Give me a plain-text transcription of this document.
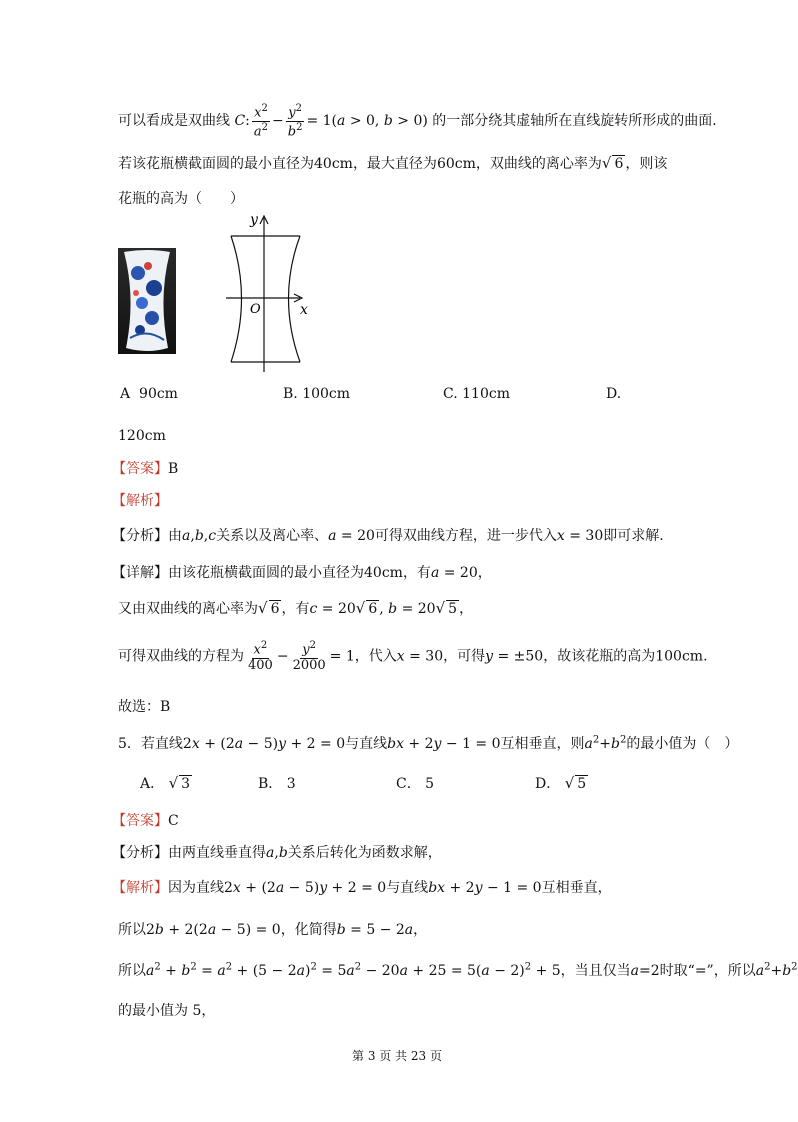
可以看成是双曲线 C: $\frac{x^2}{a^2} - \frac{y^2}{b^2} = 1(a > 0$, b > 0) 的一部分绕其虚轴所在直线旋转所形成的曲面.
若该花瓶横截面圆的最小直径为40cm，最大直径为60cm，双曲线的离心率为√ 6 ，则该
花瓶的高为（　　）
y
x
O
A 90cm	B. 100cm	C. 110cm	D.
120cm
【答案】B
【解析】
【分析】由a,b,c关系以及离心率、a = 20可得双曲线方程，进一步代入x = 30即可求解.
【详解】由该花瓶横截面圆的最小直径为40cm，有a = 20，
又由双曲线的离心率为√ 6 ，有c = 20√ 6 , b = 20√ 5 ，
可得双曲线的方程为 $\frac{x^2}{400} - \frac{y^2}{2000} = 1$，代入x = 30，可得y = ±50，故该花瓶的高为100cm.
故选：B
5．若直线2x + (2a − 5)y + 2 = 0与直线bx + 2y − 1 = 0互相垂直，则$a^2+b^2$的最小值为（　）
A． √ 3	B． 3	C． 5	D． √ 5
【答案】C
【分析】由两直线垂直得a,b关系后转化为函数求解，
【解析】因为直线2x + (2a − 5)y + 2 = 0与直线bx + 2y − 1 = 0互相垂直，
所以2b + 2(2a − 5) = 0，化简得b = 5 − 2a，
所以$a^2 + b^2 = a^2 + (5 - 2a)^2 = 5a^2 - 20a + 25 = 5(a - 2)^2 + 5$，当且仅当a=2时取“=”，所以$a^2+b^2$
的最小值为 5，
第 3 页 共 23 页
